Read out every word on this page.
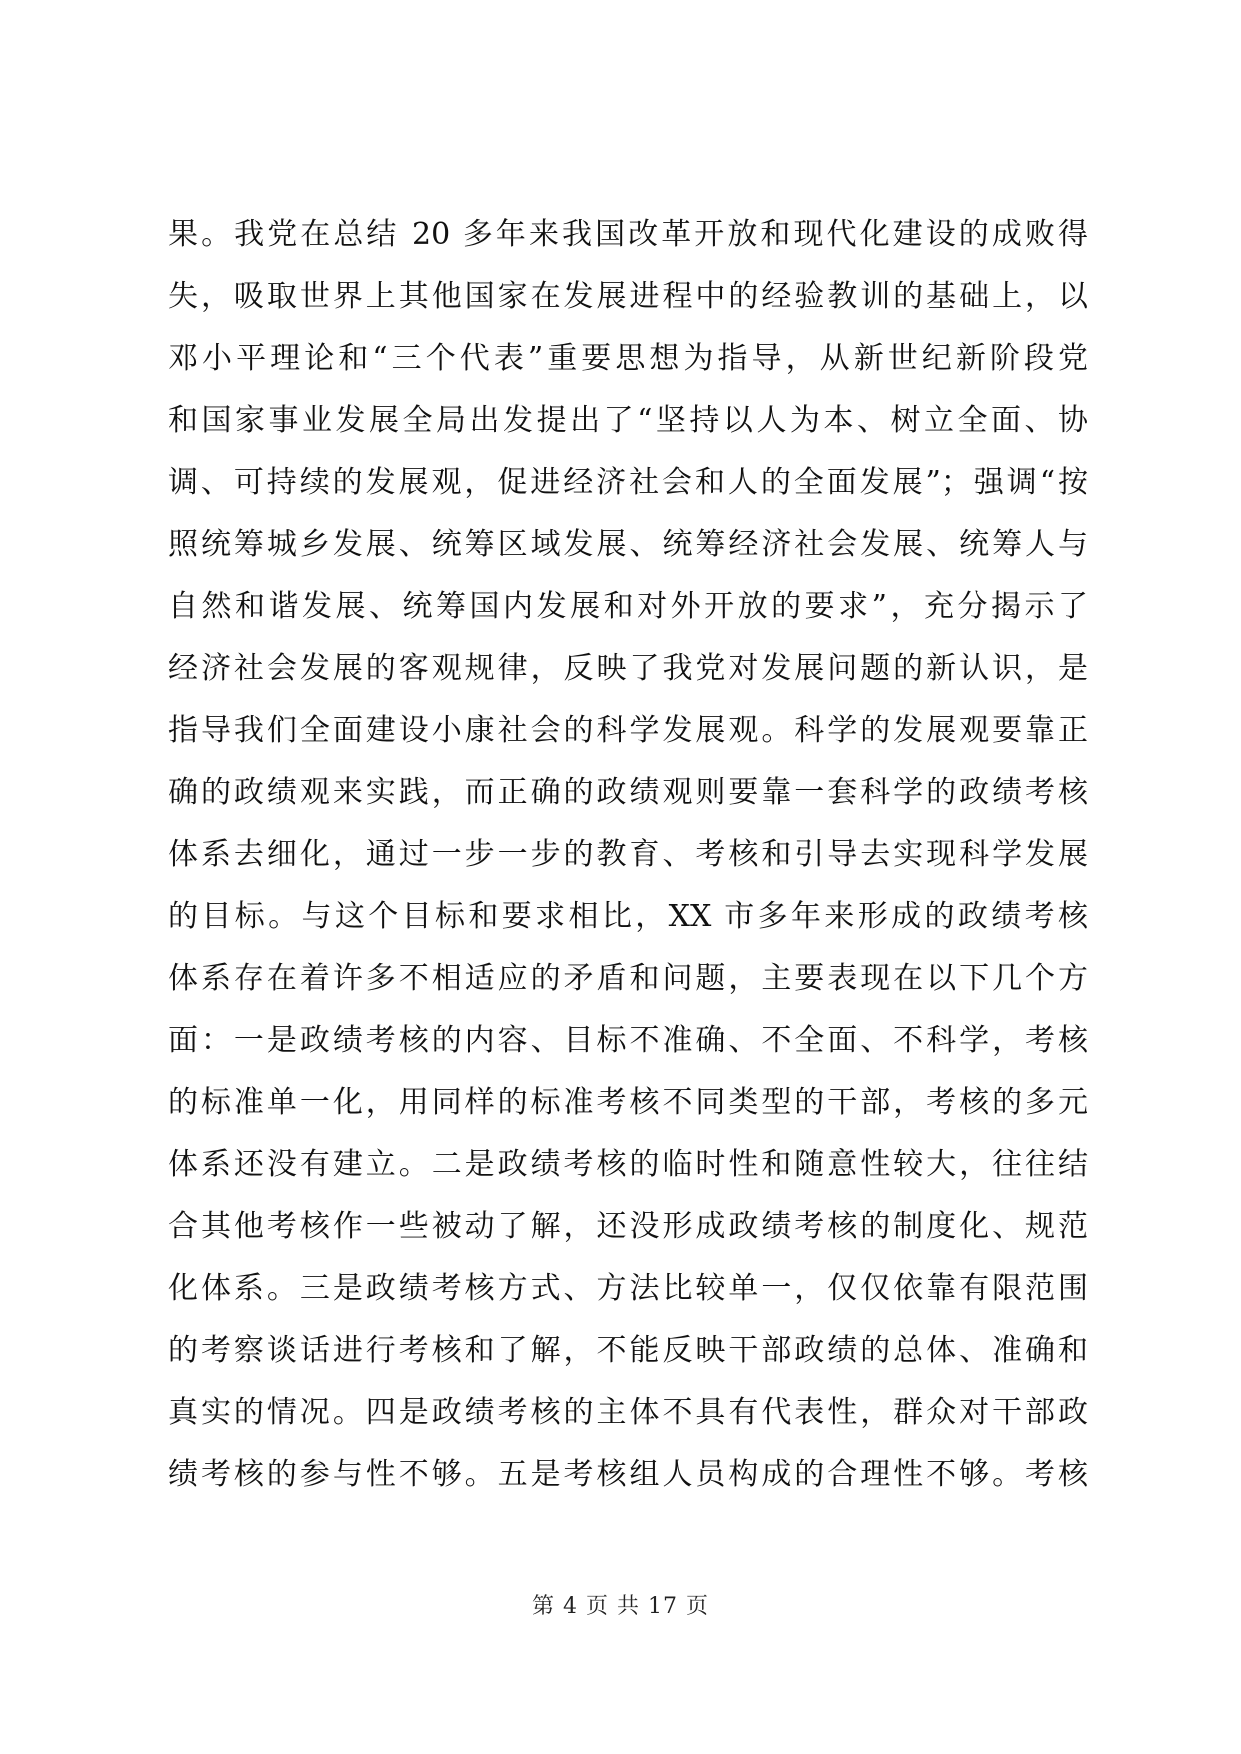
果。我党在总结 20 多年来我国改革开放和现代化建设的成败得
失，吸取世界上其他国家在发展进程中的经验教训的基础上，以
邓小平理论和“三个代表”重要思想为指导，从新世纪新阶段党
和国家事业发展全局出发提出了“坚持以人为本、树立全面、协
调、可持续的发展观，促进经济社会和人的全面发展”；强调“按
照统筹城乡发展、统筹区域发展、统筹经济社会发展、统筹人与
自然和谐发展、统筹国内发展和对外开放的要求”，充分揭示了
经济社会发展的客观规律，反映了我党对发展问题的新认识，是
指导我们全面建设小康社会的科学发展观。科学的发展观要靠正
确的政绩观来实践，而正确的政绩观则要靠一套科学的政绩考核
体系去细化，通过一步一步的教育、考核和引导去实现科学发展
的目标。与这个目标和要求相比，XX 市多年来形成的政绩考核
体系存在着许多不相适应的矛盾和问题，主要表现在以下几个方
面：一是政绩考核的内容、目标不准确、不全面、不科学，考核
的标准单一化，用同样的标准考核不同类型的干部，考核的多元
体系还没有建立。二是政绩考核的临时性和随意性较大，往往结
合其他考核作一些被动了解，还没形成政绩考核的制度化、规范
化体系。三是政绩考核方式、方法比较单一，仅仅依靠有限范围
的考察谈话进行考核和了解，不能反映干部政绩的总体、准确和
真实的情况。四是政绩考核的主体不具有代表性，群众对干部政
绩考核的参与性不够。五是考核组人员构成的合理性不够。考核
第 4 页 共 17 页
